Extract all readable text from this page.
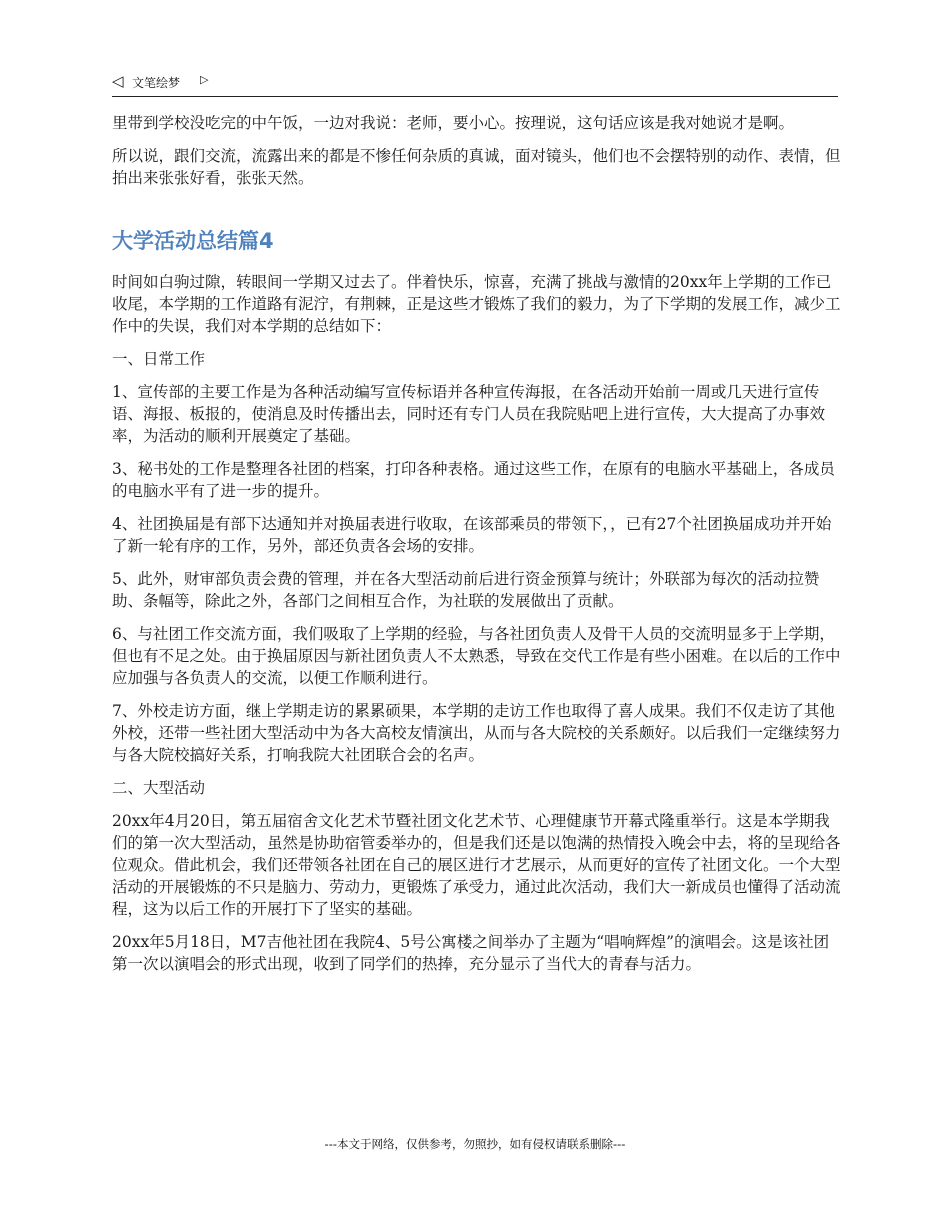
◁ 文笔绘梦 ▷

里带到学校没吃完的中午饭，一边对我说：老师，要小心。按理说，这句话应该是我对她说才是啊。

所以说，跟们交流，流露出来的都是不惨任何杂质的真诚，面对镜头，他们也不会摆特别的动作、表情，但拍出来张张好看，张张天然。

大学活动总结篇4

时间如白驹过隙，转眼间一学期又过去了。伴着快乐，惊喜，充满了挑战与激情的20xx年上学期的工作已收尾，本学期的工作道路有泥泞，有荆棘，正是这些才锻炼了我们的毅力，为了下学期的发展工作，减少工作中的失误，我们对本学期的总结如下：

一、日常工作

1、宣传部的主要工作是为各种活动编写宣传标语并各种宣传海报，在各活动开始前一周或几天进行宣传语、海报、板报的，使消息及时传播出去，同时还有专门人员在我院贴吧上进行宣传，大大提高了办事效率，为活动的顺利开展奠定了基础。

3、秘书处的工作是整理各社团的档案，打印各种表格。通过这些工作，在原有的电脑水平基础上，各成员的电脑水平有了进一步的提升。

4、社团换届是有部下达通知并对换届表进行收取，在该部乘员的带领下，，已有27个社团换届成功并开始了新一轮有序的工作，另外，部还负责各会场的安排。

5、此外，财审部负责会费的管理，并在各大型活动前后进行资金预算与统计；外联部为每次的活动拉赞助、条幅等，除此之外，各部门之间相互合作，为社联的发展做出了贡献。

6、与社团工作交流方面，我们吸取了上学期的经验，与各社团负责人及骨干人员的交流明显多于上学期，但也有不足之处。由于换届原因与新社团负责人不太熟悉，导致在交代工作是有些小困难。在以后的工作中应加强与各负责人的交流，以便工作顺利进行。

7、外校走访方面，继上学期走访的累累硕果，本学期的走访工作也取得了喜人成果。我们不仅走访了其他外校，还带一些社团大型活动中为各大高校友情演出，从而与各大院校的关系颇好。以后我们一定继续努力与各大院校搞好关系，打响我院大社团联合会的名声。

二、大型活动

20xx年4月20日，第五届宿舍文化艺术节暨社团文化艺术节、心理健康节开幕式隆重举行。这是本学期我们的第一次大型活动，虽然是协助宿管委举办的，但是我们还是以饱满的热情投入晚会中去，将的呈现给各位观众。借此机会，我们还带领各社团在自己的展区进行才艺展示，从而更好的宣传了社团文化。一个大型活动的开展锻炼的不只是脑力、劳动力，更锻炼了承受力，通过此次活动，我们大一新成员也懂得了活动流程，这为以后工作的开展打下了坚实的基础。

20xx年5月18日，M7吉他社团在我院4、5号公寓楼之间举办了主题为“唱响辉煌”的演唱会。这是该社团第一次以演唱会的形式出现，收到了同学们的热捧，充分显示了当代大的青春与活力。

---本文于网络，仅供参考，勿照抄，如有侵权请联系删除---
